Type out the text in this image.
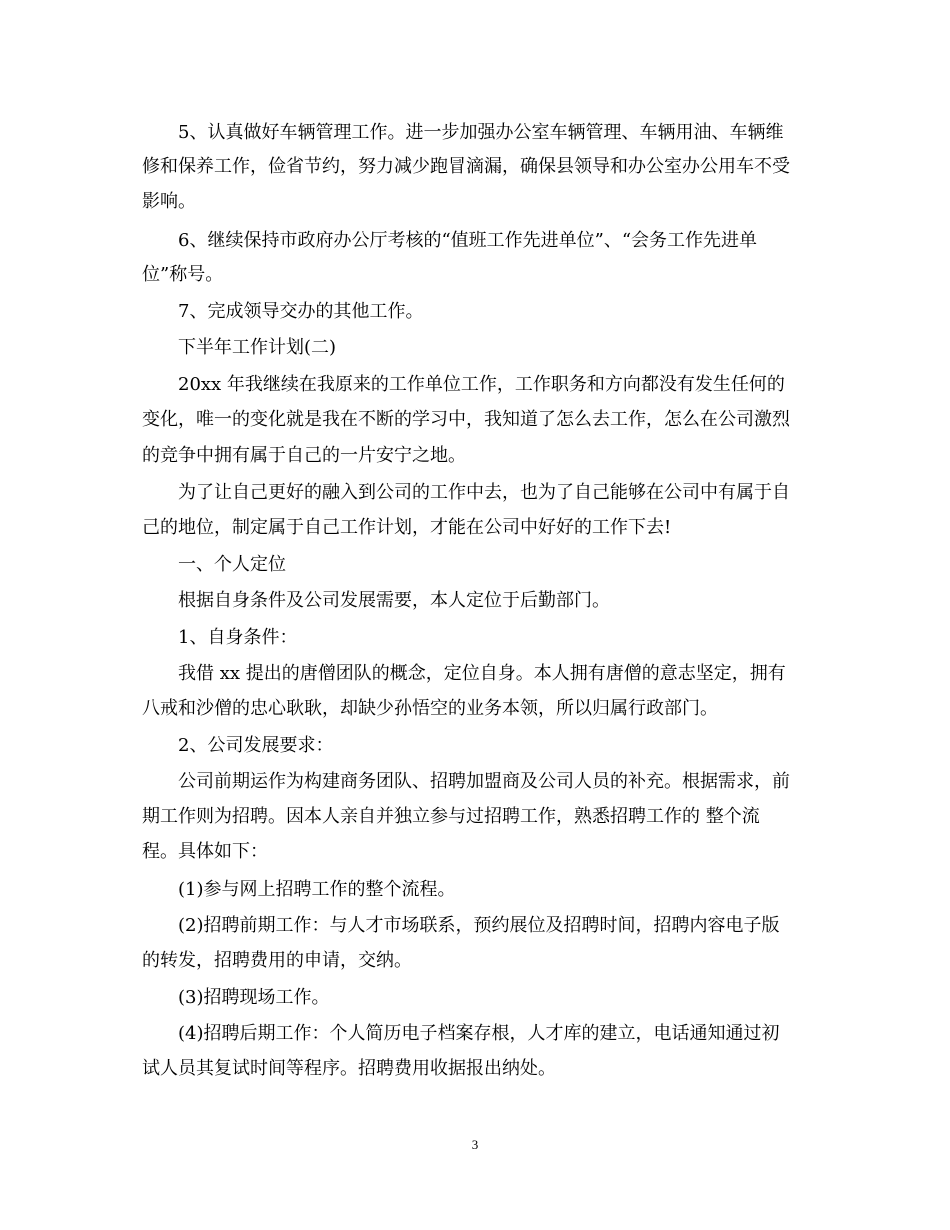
5、认真做好车辆管理工作。进一步加强办公室车辆管理、车辆用油、车辆维
修和保养工作，俭省节约，努力减少跑冒滴漏，确保县领导和办公室办公用车不受
影响。
6、继续保持市政府办公厅考核的“值班工作先进单位”、“会务工作先进单
位”称号。
7、完成领导交办的其他工作。
下半年工作计划(二)
20xx 年我继续在我原来的工作单位工作，工作职务和方向都没有发生任何的
变化，唯一的变化就是我在不断的学习中，我知道了怎么去工作，怎么在公司激烈
的竞争中拥有属于自己的一片安宁之地。
为了让自己更好的融入到公司的工作中去，也为了自己能够在公司中有属于自
己的地位，制定属于自己工作计划，才能在公司中好好的工作下去!
一、个人定位
根据自身条件及公司发展需要，本人定位于后勤部门。
1、自身条件：
我借 xx 提出的唐僧团队的概念，定位自身。本人拥有唐僧的意志坚定，拥有
八戒和沙僧的忠心耿耿，却缺少孙悟空的业务本领，所以归属行政部门。
2、公司发展要求：
公司前期运作为构建商务团队、招聘加盟商及公司人员的补充。根据需求，前
期工作则为招聘。因本人亲自并独立参与过招聘工作，熟悉招聘工作的 整个流
程。具体如下：
(1)参与网上招聘工作的整个流程。
(2)招聘前期工作：与人才市场联系，预约展位及招聘时间，招聘内容电子版
的转发，招聘费用的申请，交纳。
(3)招聘现场工作。
(4)招聘后期工作：个人简历电子档案存根，人才库的建立，电话通知通过初
试人员其复试时间等程序。招聘费用收据报出纳处。
3
